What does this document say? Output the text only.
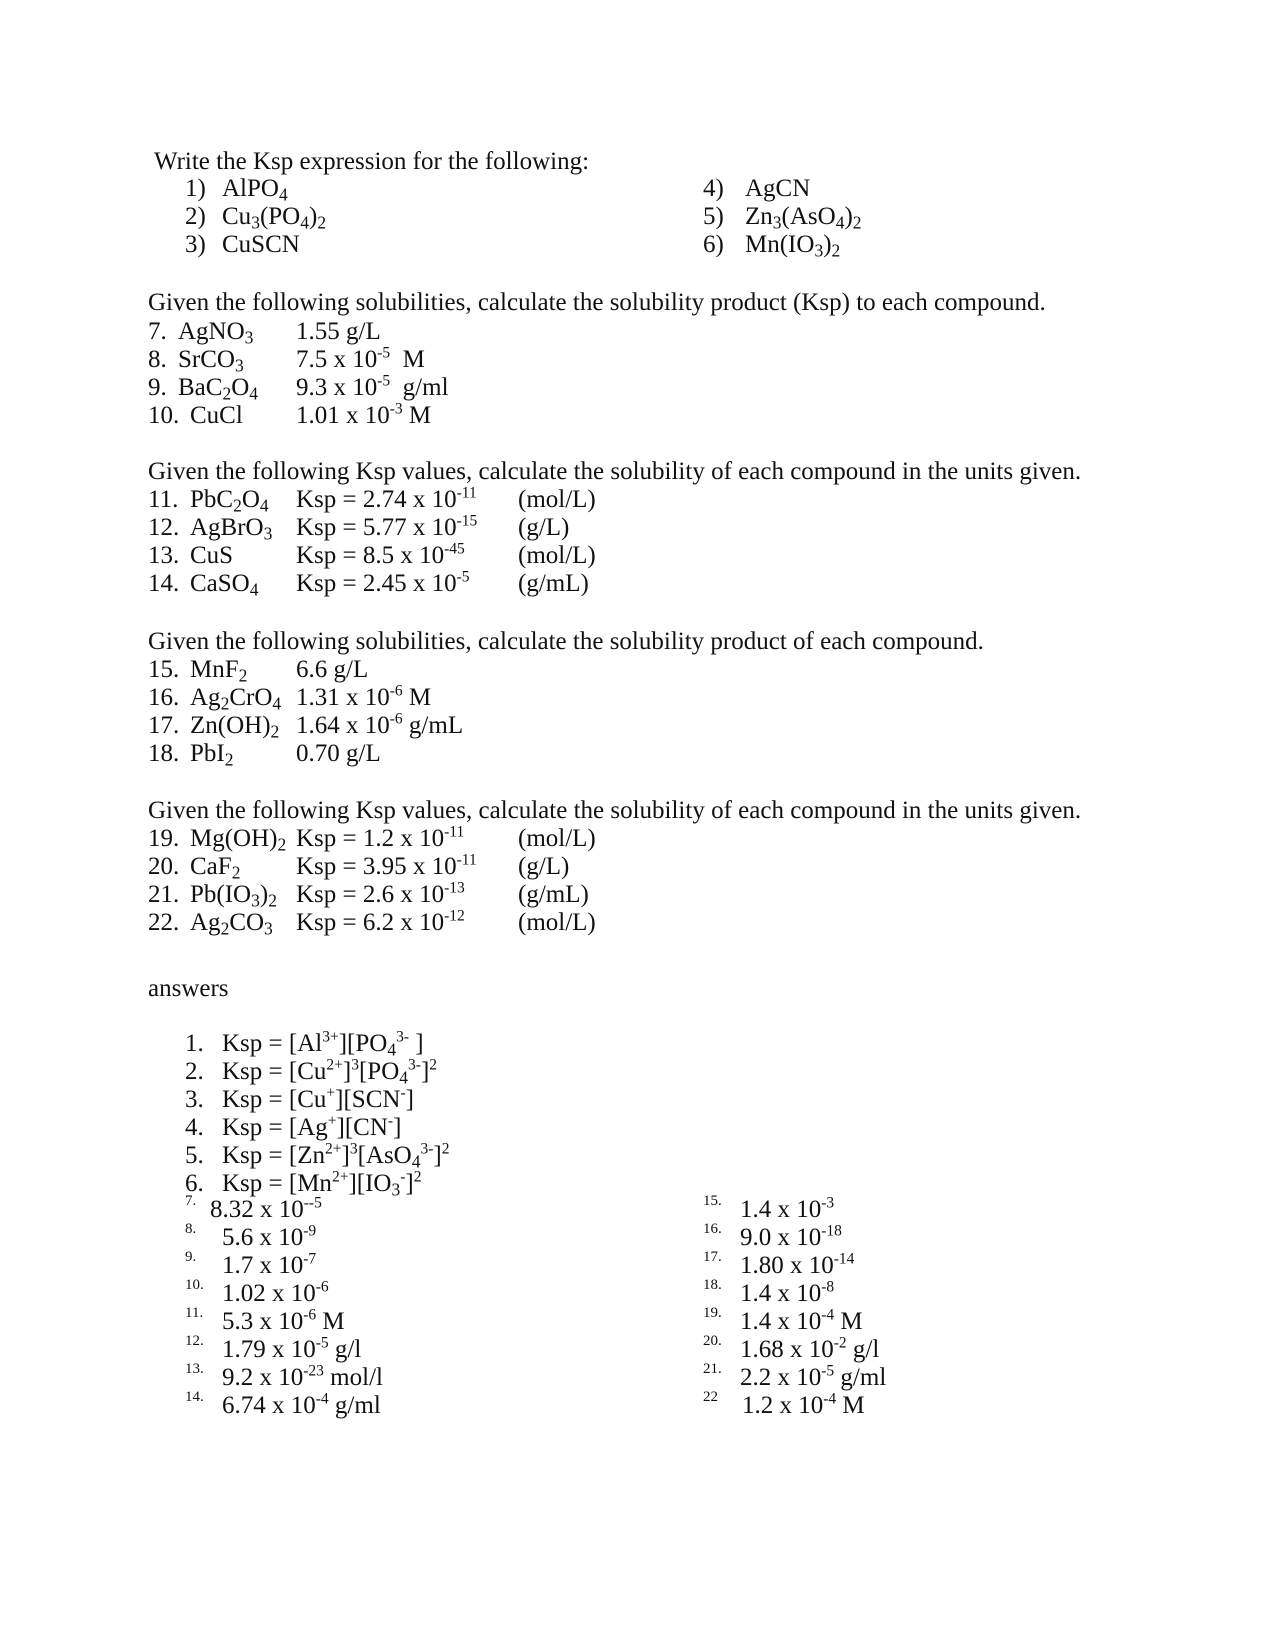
Write the Ksp expression for the following:
1) AlPO$_4$
2) $Cu_3(PO_4)_2$
3) CuSCN
4) AgCN
5) $Zn_3(AsO_4)_2$
6) $Mn(IO_3)_2$
Given the following solubilities, calculate the solubility product (Ksp) to each compound.
7. AgNO$_3$ 1.55 g/L
8. SrCO$_3$ 7.5 x $10^{-5}$  M
9. $BaC_2O_4$ 9.3 x $10^{-5}$  g/ml
10. CuCl 1.01 x $10^{-3}$ M
Given the following Ksp values, calculate the solubility of each compound in the units given.
11. $PbC_2O_4$ Ksp = 2.74 x $10^{-11}$ (mol/L)
12. AgBrO$_3$ Ksp = 5.77 x $10^{-15}$ (g/L)
13. CuS	Ksp = 8.5 x $10^{-45}$ (mol/L)
14. CaSO$_4$ Ksp = 2.45 x $10^{-5}$ (g/mL)
Given the following solubilities, calculate the solubility product of each compound.
15. MnF$_2$ 6.6 g/L
16. $Ag_2CrO_4$ 1.31 x $10^{-6}$ M
17. $Zn(OH)_2$ 1.64 x $10^{-6}$ g/mL
18. PbI$_2$	0.70 g/L
Given the following Ksp values, calculate the solubility of each compound in the units given.
19. $Mg(OH)_2$ Ksp = 1.2 x $10^{-11}$ (mol/L)
20. CaF$_2$ Ksp = 3.95 x $10^{-11}$ (g/L)
21. $Pb(IO_3)_2$ Ksp = 2.6 x $10^{-13}$ (g/mL)
22. $Ag_2CO_3$ Ksp = 6.2 x $10^{-12}$ (mol/L)
answers
1. Ksp = $[Al^{3+}][PO_4^{3-}$ ]
2. Ksp = $[Cu^{2+}]^3[PO_4^{3-}]^2$
3. Ksp = [Cu+][SCN-]
4. Ksp = [Ag+][CN-]
5. Ksp = $[Zn^{2+}]^3[AsO_4^{3-}]^2$
6. Ksp = $[Mn^{2+}][IO_3^-]^2$
7. 8.32 x $10^{--5}$
8. 5.6 x $10^{-9}$
9. 1.7 x $10^{-7}$
10. 1.02 x $10^{-6}$
11. 5.3 x $10^{-6}$ M
12. 1.79 x $10^{-5}$ g/l
13. 9.2 x $10^{-23}$ mol/l
14. 6.74 x $10^{-4}$ g/ml
15. 1.4 x $10^{-3}$
16. 9.0 x $10^{-18}$
17. 1.80 x $10^{-14}$
18. 1.4 x $10^{-8}$
19. 1.4 x $10^{-4}$ M
20. 1.68 x $10^{-2}$ g/l
21. 2.2 x $10^{-5}$ g/ml
22 1.2 x $10^{-4}$ M
